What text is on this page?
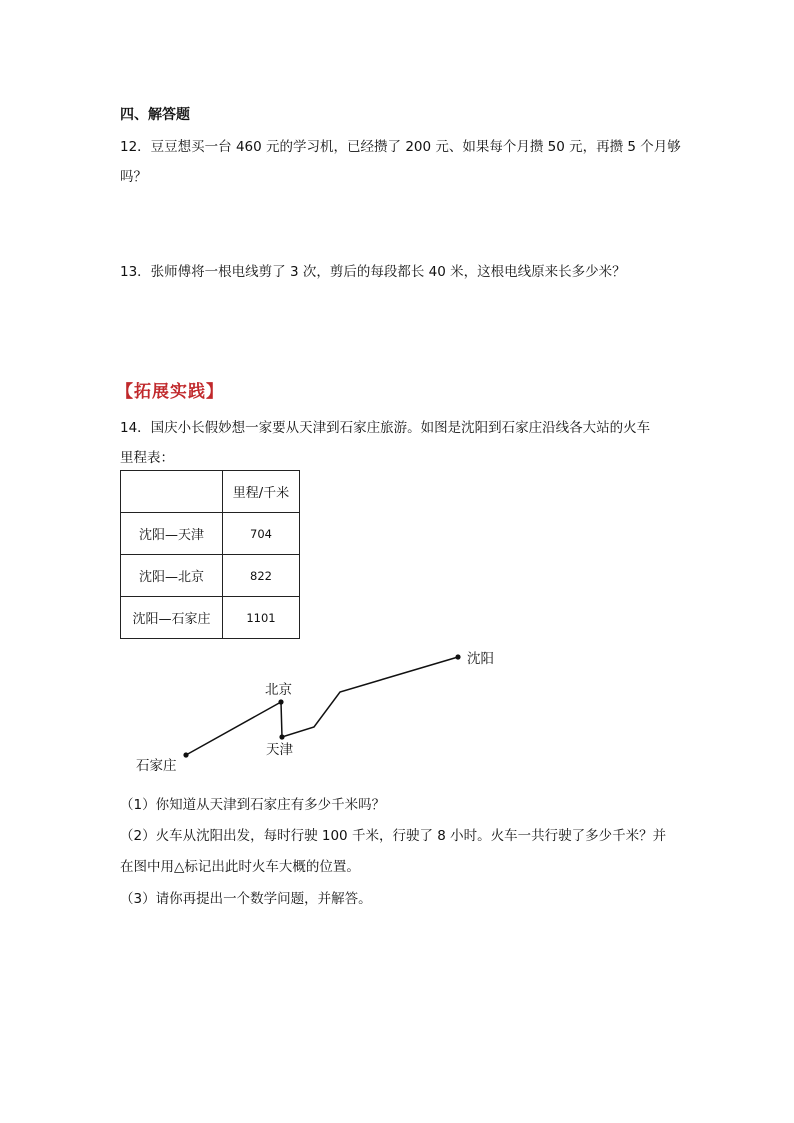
四、解答题
12．豆豆想买一台 460 元的学习机，已经攒了 200 元、如果每个月攒 50 元，再攒 5 个月够
吗？
13．张师傅将一根电线剪了 3 次，剪后的每段都长 40 米，这根电线原来长多少米？
【拓展实践】
14．国庆小长假妙想一家要从天津到石家庄旅游。如图是沈阳到石家庄沿线各大站的火车
里程表：
	里程/千米
沈阳—天津	704
沈阳—北京	822
沈阳—石家庄	1101
沈阳
北京
天津
石家庄
（1）你知道从天津到石家庄有多少千米吗？
（2）火车从沈阳出发，每时行驶 100 千米，行驶了 8 小时。火车一共行驶了多少千米？并
在图中用△标记出此时火车大概的位置。
（3）请你再提出一个数学问题，并解答。
